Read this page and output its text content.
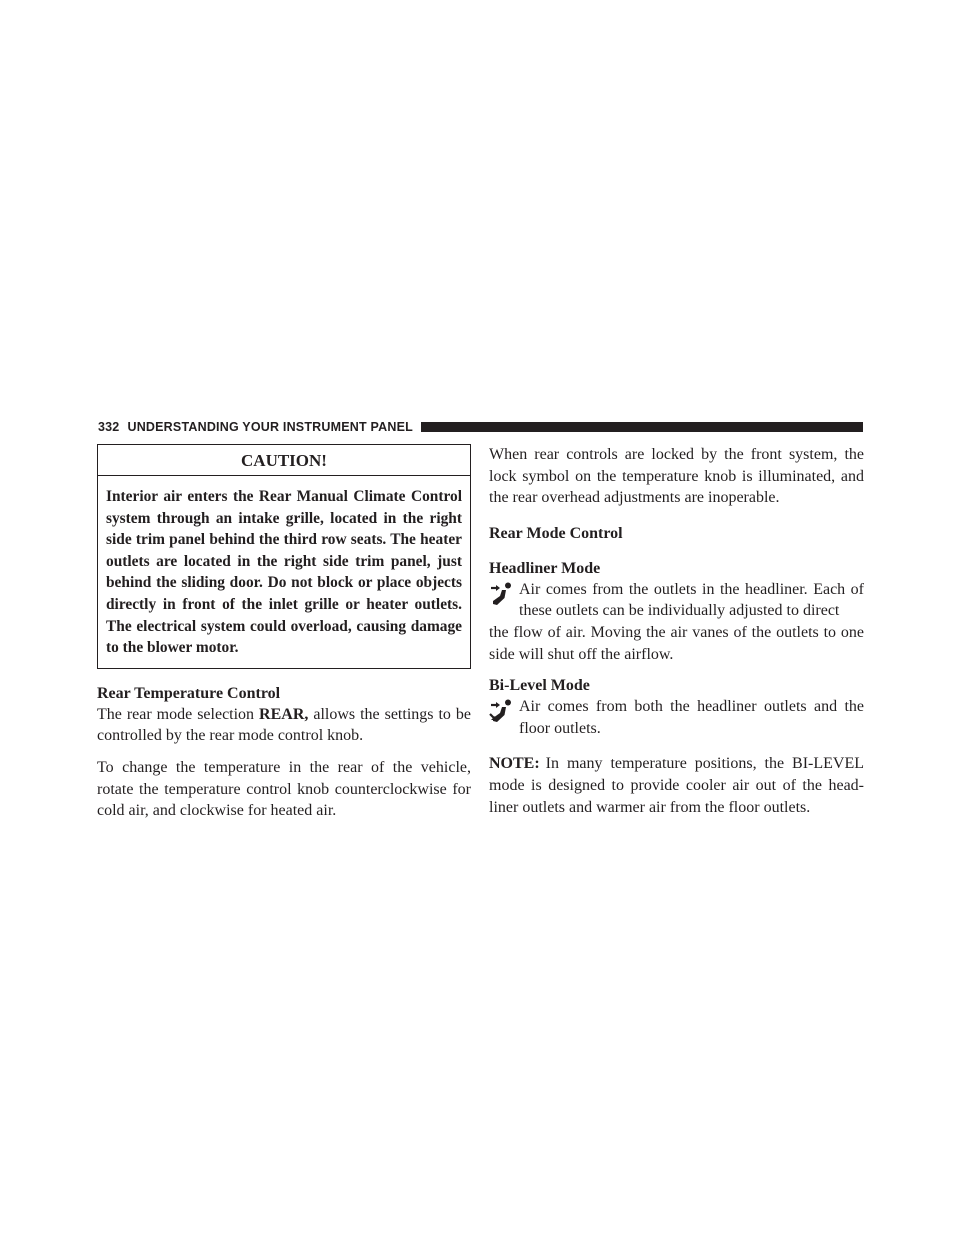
332 UNDERSTANDING YOUR INSTRUMENT PANEL
CAUTION!
Interior air enters the Rear Manual Climate Control system through an intake grille, located in the right side trim panel behind the third row seats. The heater outlets are located in the right side trim panel, just behind the sliding door. Do not block or place objects directly in front of the inlet grille or heater outlets. The electrical system could overload, causing damage to the blower motor.
Rear Temperature Control

The rear mode selection REAR, allows the settings to be controlled by the rear mode control knob.

To change the temperature in the rear of the vehicle, rotate the temperature control knob counterclockwise for cold air, and clockwise for heated air.

When rear controls are locked by the front system, the lock symbol on the temperature knob is illuminated, and the rear overhead adjustments are inoperable.

Rear Mode Control
Headliner Mode

Air comes from the outlets in the headliner. Each of these outlets can be individually adjusted to direct

the flow of air. Moving the air vanes of the outlets to one side will shut off the airflow.

Bi-Level Mode

Air comes from both the headliner outlets and the floor outlets.

NOTE: In many temperature positions, the BI-LEVEL mode is designed to provide cooler air out of the head-liner outlets and warmer air from the floor outlets.
